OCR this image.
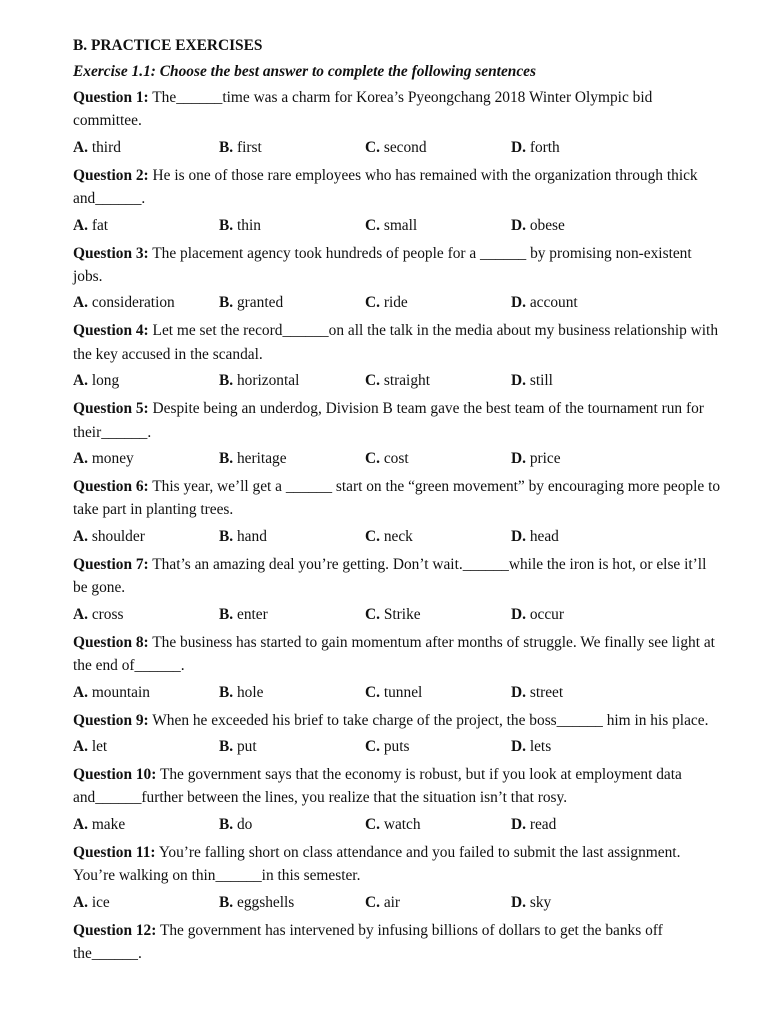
B. PRACTICE EXERCISES
Exercise 1.1: Choose the best answer to complete the following sentences
Question 1: The______time was a charm for Korea’s Pyeongchang 2018 Winter Olympic bid committee.
A. third	B. first	C. second	D. forth
Question 2: He is one of those rare employees who has remained with the organization through thick and______.
A. fat	B. thin	C. small	D. obese
Question 3: The placement agency took hundreds of people for a ______ by promising non-existent jobs.
A. consideration	B. granted	C. ride	D. account
Question 4: Let me set the record______on all the talk in the media about my business relationship with the key accused in the scandal.
A. long	B. horizontal	C. straight	D. still
Question 5: Despite being an underdog, Division B team gave the best team of the tournament run for their______.
A. money	B. heritage	C. cost	D. price
Question 6: This year, we’ll get a ______ start on the “green movement” by encouraging more people to take part in planting trees.
A. shoulder	B. hand	C. neck	D. head
Question 7: That’s an amazing deal you’re getting. Don’t wait.______while the iron is hot, or else it’ll be gone.
A. cross	B. enter	C. Strike	D. occur
Question 8: The business has started to gain momentum after months of struggle. We finally see light at the end of______.
A. mountain	B. hole	C. tunnel	D. street
Question 9: When he exceeded his brief to take charge of the project, the boss______ him in his place.
A. let	B. put	C. puts	D. lets
Question 10: The government says that the economy is robust, but if you look at employment data and______further between the lines, you realize that the situation isn’t that rosy.
A. make	B. do	C. watch	D. read
Question 11: You’re falling short on class attendance and you failed to submit the last assignment. You’re walking on thin______in this semester.
A. ice	B. eggshells	C. air	D. sky
Question 12: The government has intervened by infusing billions of dollars to get the banks off the______.
